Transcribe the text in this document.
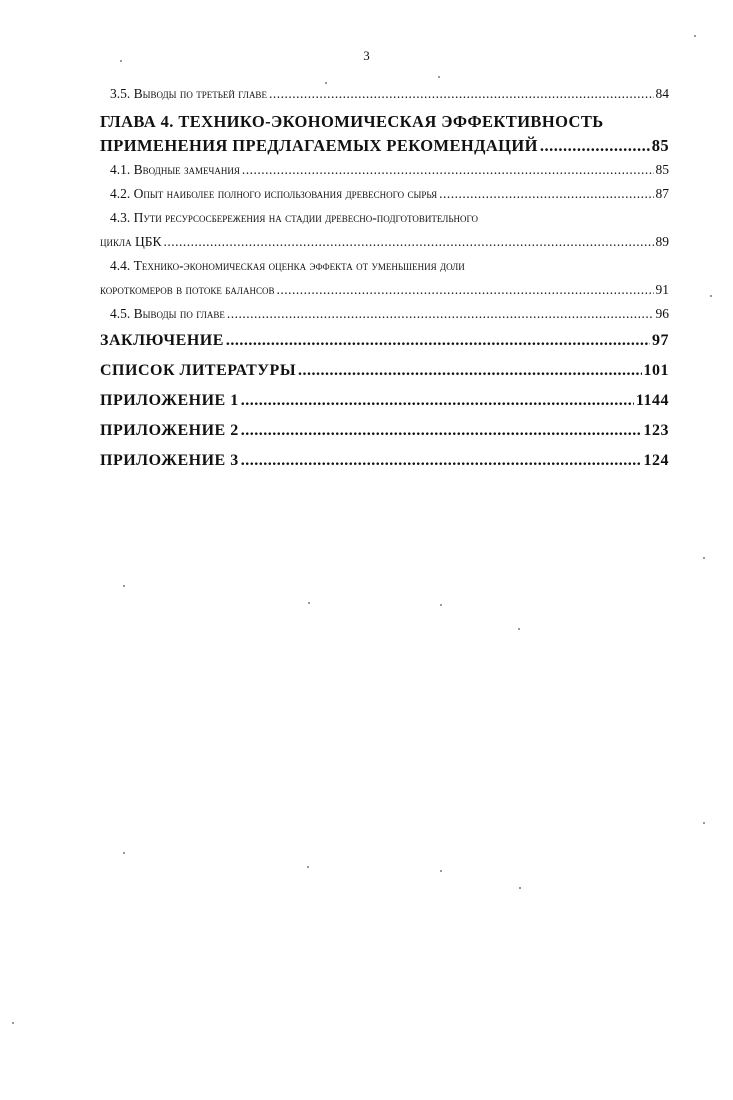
3
3.5. Выводы по третьей главе .....	84
ГЛАВА 4. ТЕХНИКО-ЭКОНОМИЧЕСКАЯ ЭФФЕКТИВНОСТЬ
ПРИМЕНЕНИЯ ПРЕДЛАГАЕМЫХ РЕКОМЕНДАЦИЙ .....	85
4.1. Вводные замечания .....	85
4.2. Опыт наиболее полного использования древесного сырья .....	87
4.3. Пути ресурсосбережения на стадии древесно-подготовительного
цикла ЦБК .....	89
4.4. Технико-экономическая оценка эффекта от уменьшения доли
короткомеров в потоке балансов .....	91
4.5. Выводы по главе .....	96
ЗАКЛЮЧЕНИЕ .....	97
СПИСОК ЛИТЕРАТУРЫ .....	101
ПРИЛОЖЕНИЕ 1 .....	1144
ПРИЛОЖЕНИЕ 2 .....	123
ПРИЛОЖЕНИЕ 3 .....	124
